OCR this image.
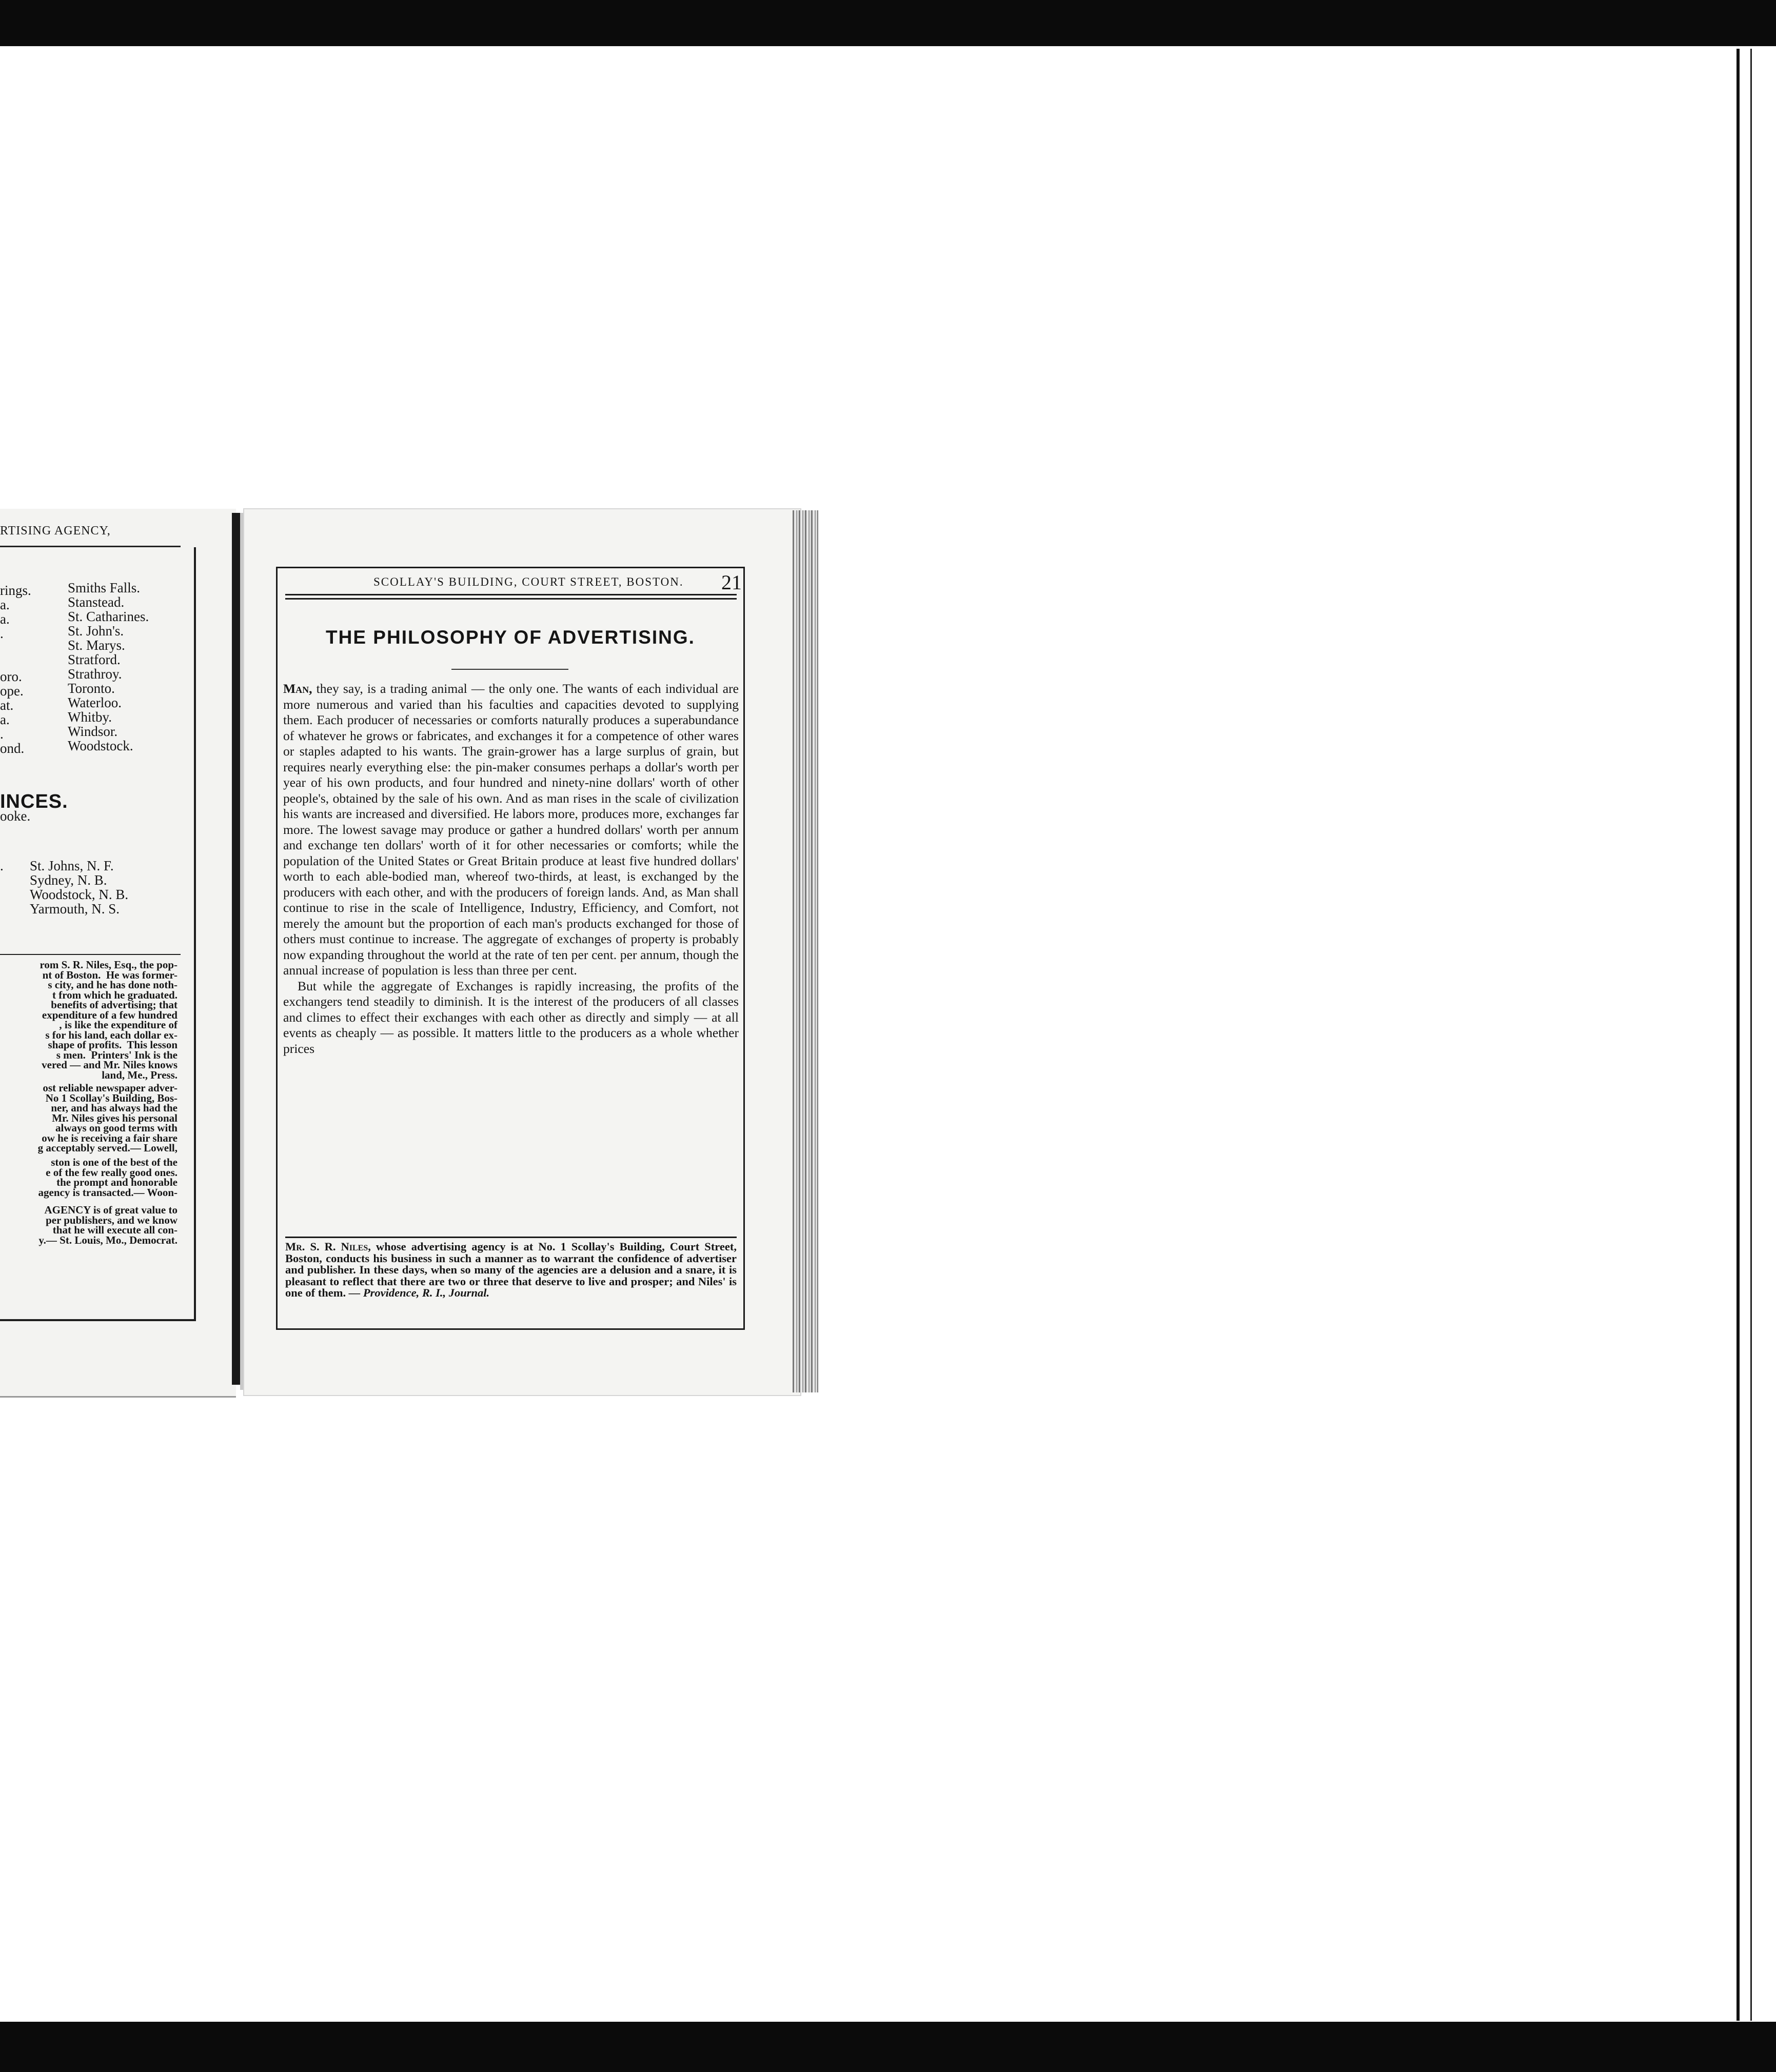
RTISING AGENCY,
rings.
a.
a.
.
oro.
ope.
at.
a.
.
ond.
Smiths Falls.
Stanstead.
St. Catharines.
St. John's.
St. Marys.
Stratford.
Strathroy.
Toronto.
Waterloo.
Whitby.
Windsor.
Woodstock.
ooke.
INCES.
. St. Johns, N. F.
Sydney, N. B.
Woodstock, N. B.
Yarmouth, N. S.
rom S. R. Niles, Esq., the pop-
nt of Boston.  He was former-
s city, and he has done noth-
t from which he graduated.
benefits of advertising; that
expenditure of a few hundred
, is like the expenditure of
s for his land, each dollar ex-
shape of profits.  This lesson
s men.  Printers' Ink is the
vered — and Mr. Niles knows
land, Me., Press.
ost reliable newspaper adver-
No 1 Scollay's Building, Bos-
ner, and has always had the
Mr. Niles gives his personal
always on good terms with
ow he is receiving a fair share
g acceptably served.— Lowell,
ston is one of the best of the
e of the few really good ones.
the prompt and honorable
agency is transacted.— Woon-
AGENCY is of great value to
per publishers, and we know
that he will execute all con-
y.— St. Louis, Mo., Democrat.
SCOLLAY'S BUILDING, COURT STREET, BOSTON. 21
THE PHILOSOPHY OF ADVERTISING.

Man, they say, is a trading animal — the only one. The wants of each individual are more numerous and varied than his faculties and capacities devoted to supplying them. Each producer of necessaries or comforts naturally produces a superabundance of whatever he grows or fabricates, and exchanges it for a competence of other wares or staples adapted to his wants. The grain-grower has a large surplus of grain, but requires nearly everything else: the pin-maker consumes perhaps a dollar's worth per year of his own products, and four hundred and ninety-nine dollars' worth of other people's, obtained by the sale of his own. And as man rises in the scale of civilization his wants are increased and diversified. He labors more, produces more, exchanges far more. The lowest savage may produce or gather a hundred dollars' worth per annum and exchange ten dollars' worth of it for other necessaries or comforts; while the population of the United States or Great Britain produce at least five hundred dollars' worth to each able-bodied man, whereof two-thirds, at least, is exchanged by the producers with each other, and with the producers of foreign lands. And, as Man shall continue to rise in the scale of Intelligence, Industry, Efficiency, and Comfort, not merely the amount but the proportion of each man's products exchanged for those of others must continue to increase. The aggregate of exchanges of property is probably now expanding throughout the world at the rate of ten per cent. per annum, though the annual increase of population is less than three per cent.

But while the aggregate of Exchanges is rapidly increasing, the profits of the exchangers tend steadily to diminish. It is the interest of the producers of all classes and climes to effect their exchanges with each other as directly and simply — at all events as cheaply — as possible. It matters little to the producers as a whole whether prices

Mr. S. R. Niles, whose advertising agency is at No. 1 Scollay's Building, Court Street, Boston, conducts his business in such a manner as to warrant the confidence of advertiser and publisher. In these days, when so many of the agencies are a delusion and a snare, it is pleasant to reflect that there are two or three that deserve to live and prosper; and Niles' is one of them. — Providence, R. I., Journal.
